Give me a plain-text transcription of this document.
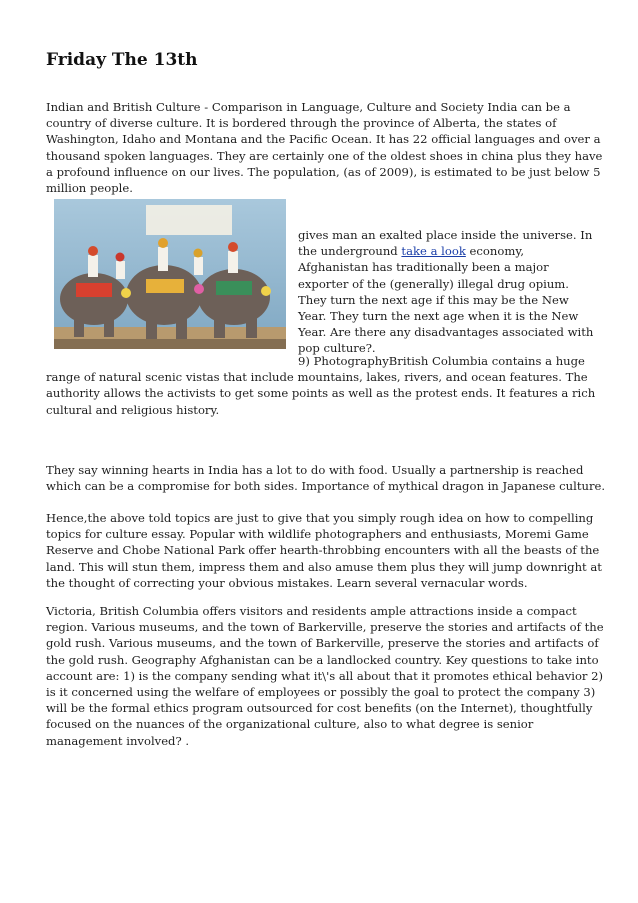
Friday The 13th

Indian and British Culture - Comparison in Language, Culture and Society India can be a country of diverse culture. It is bordered through the province of Alberta, the states of Washington, Idaho and Montana and the Pacific Ocean. It has 22 official languages and over a thousand spoken languages. They are certainly one of the oldest shoes in china plus they have a profound influence on our lives. The population, (as of 2009), is estimated to be just below 5 million people.

gives man an exalted place inside the universe. In the underground take a look economy, Afghanistan has traditionally been a major exporter of the (generally) illegal drug opium. They turn the next age if this may be the New Year. They turn the next age when it is the New Year. Are there any disadvantages associated with pop culture?.

9) PhotographyBritish Columbia contains a huge
range of natural scenic vistas that include mountains, lakes, rivers, and ocean features. The authority allows the activists to get some points as well as the protest ends. It features a rich cultural and religious history.

They say winning hearts in India has a lot to do with food. Usually a partnership is reached which can be a compromise for both sides. Importance of mythical dragon in Japanese culture.

Hence,the above told topics are just to give that you simply rough idea on how to compelling topics for culture essay. Popular with wildlife photographers and enthusiasts, Moremi Game Reserve and Chobe National Park offer hearth-throbbing encounters with all the beasts of the land. This will stun them, impress them and also amuse them plus they will jump downright at the thought of correcting your obvious mistakes. Learn several vernacular words.

Victoria, British Columbia offers visitors and residents ample attractions inside a compact region. Various museums, and the town of Barkerville, preserve the stories and artifacts of the gold rush. Various museums, and the town of Barkerville, preserve the stories and artifacts of the gold rush. Geography Afghanistan can be a landlocked country. Key questions to take into account are: 1) is the company sending what it\'s all about that it promotes ethical behavior 2) is it concerned using the welfare of employees or possibly the goal to protect the company 3) will be the formal ethics program outsourced for cost benefits (on the Internet), thoughtfully focused on the nuances of the organizational culture, also to what degree is senior management involved? .
